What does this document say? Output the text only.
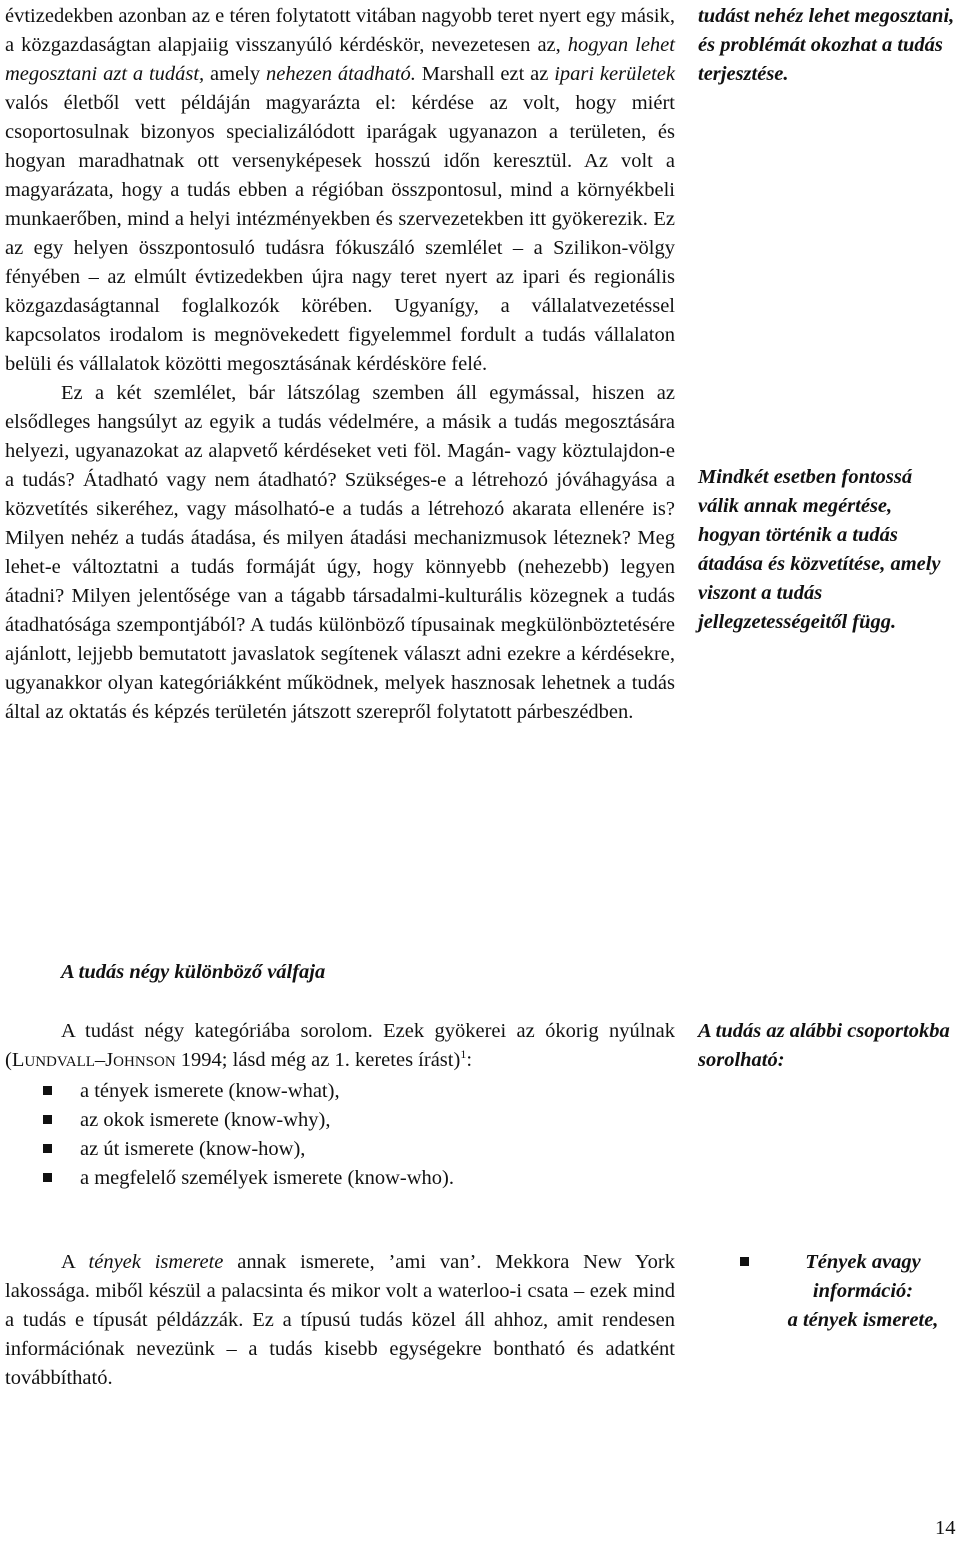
évtizedekben azonban az e téren folytatott vitában nagyobb teret nyert egy másik, a közgazdaságtan alapjaiig visszanyúló kérdéskör, nevezetesen az, hogyan lehet megosztani azt a tudást, amely nehezen átadható. Marshall ezt az ipari kerületek valós életből vett példáján magyarázta el: kérdése az volt, hogy miért csoportosulnak bizonyos specializálódott iparágak ugyanazon a területen, és hogyan maradhatnak ott versenyképesek hosszú időn keresztül. Az volt a magyarázata, hogy a tudás ebben a régióban összpontosul, mind a környékbeli munkaerőben, mind a helyi intézményekben és szervezetekben itt gyökerezik. Ez az egy helyen összpontosuló tudásra fókuszáló szemlélet – a Szilikon-völgy fényében – az elmúlt évtizedekben újra nagy teret nyert az ipari és regionális közgazdaságtannal foglalkozók körében. Ugyanígy, a vállalatvezetéssel kapcsolatos irodalom is megnövekedett figyelemmel fordult a tudás vállalaton belüli és vállalatok közötti megosztásának kérdésköre felé.

Ez a két szemlélet, bár látszólag szemben áll egymással, hiszen az elsődleges hangsúlyt az egyik a tudás védelmére, a másik a tudás megosztására helyezi, ugyanazokat az alapvető kérdéseket veti föl. Magán- vagy köztulajdon-e a tudás? Átadható vagy nem átadható? Szükséges-e a létrehozó jóváhagyása a közvetítés sikeréhez, vagy másolható-e a tudás a létrehozó akarata ellenére is? Milyen nehéz a tudás átadása, és milyen átadási mechanizmusok léteznek? Meg lehet-e változtatni a tudás formáját úgy, hogy könnyebb (nehezebb) legyen átadni? Milyen jelentősége van a tágabb társadalmi-kulturális közegnek a tudás átadhatósága szempontjából? A tudás különböző típusainak megkülönböztetésére ajánlott, lejjebb bemutatott javaslatok segítenek választ adni ezekre a kérdésekre, ugyanakkor olyan kategóriákként működnek, melyek hasznosak lehetnek a tudás által az oktatás és képzés területén játszott szerepről folytatott párbeszédben.

A tudás négy különböző válfaja

A tudást négy kategóriába sorolom. Ezek gyökerei az ókorig nyúlnak (LUNDVALL–JOHNSON 1994; lásd még az 1. keretes írást)$^1$:

a tények ismerete (know-what),
az okok ismerete (know-why),
az út ismerete (know-how),
a megfelelő személyek ismerete (know-who).

A tények ismerete annak ismerete, ’ami van’. Mekkora New York lakossága. miből készül a palacsinta és mikor volt a waterloo-i csata – ezek mind a tudás e típusát példázzák. Ez a típusú tudás közel áll ahhoz, amit rendesen információnak nevezünk – a tudás kisebb egységekre bontható és adatként továbbítható.

tudást nehéz lehet megosztani, és problémát okozhat a tudás terjesztése.
Mindkét esetben fontossá válik annak megértése, hogyan történik a tudás átadása és közvetítése, amely viszont a tudás jellegzetességeitől függ.
A tudás az alábbi csoportokba sorolható:
Tények avagy
információ:
a tények ismerete,
14
